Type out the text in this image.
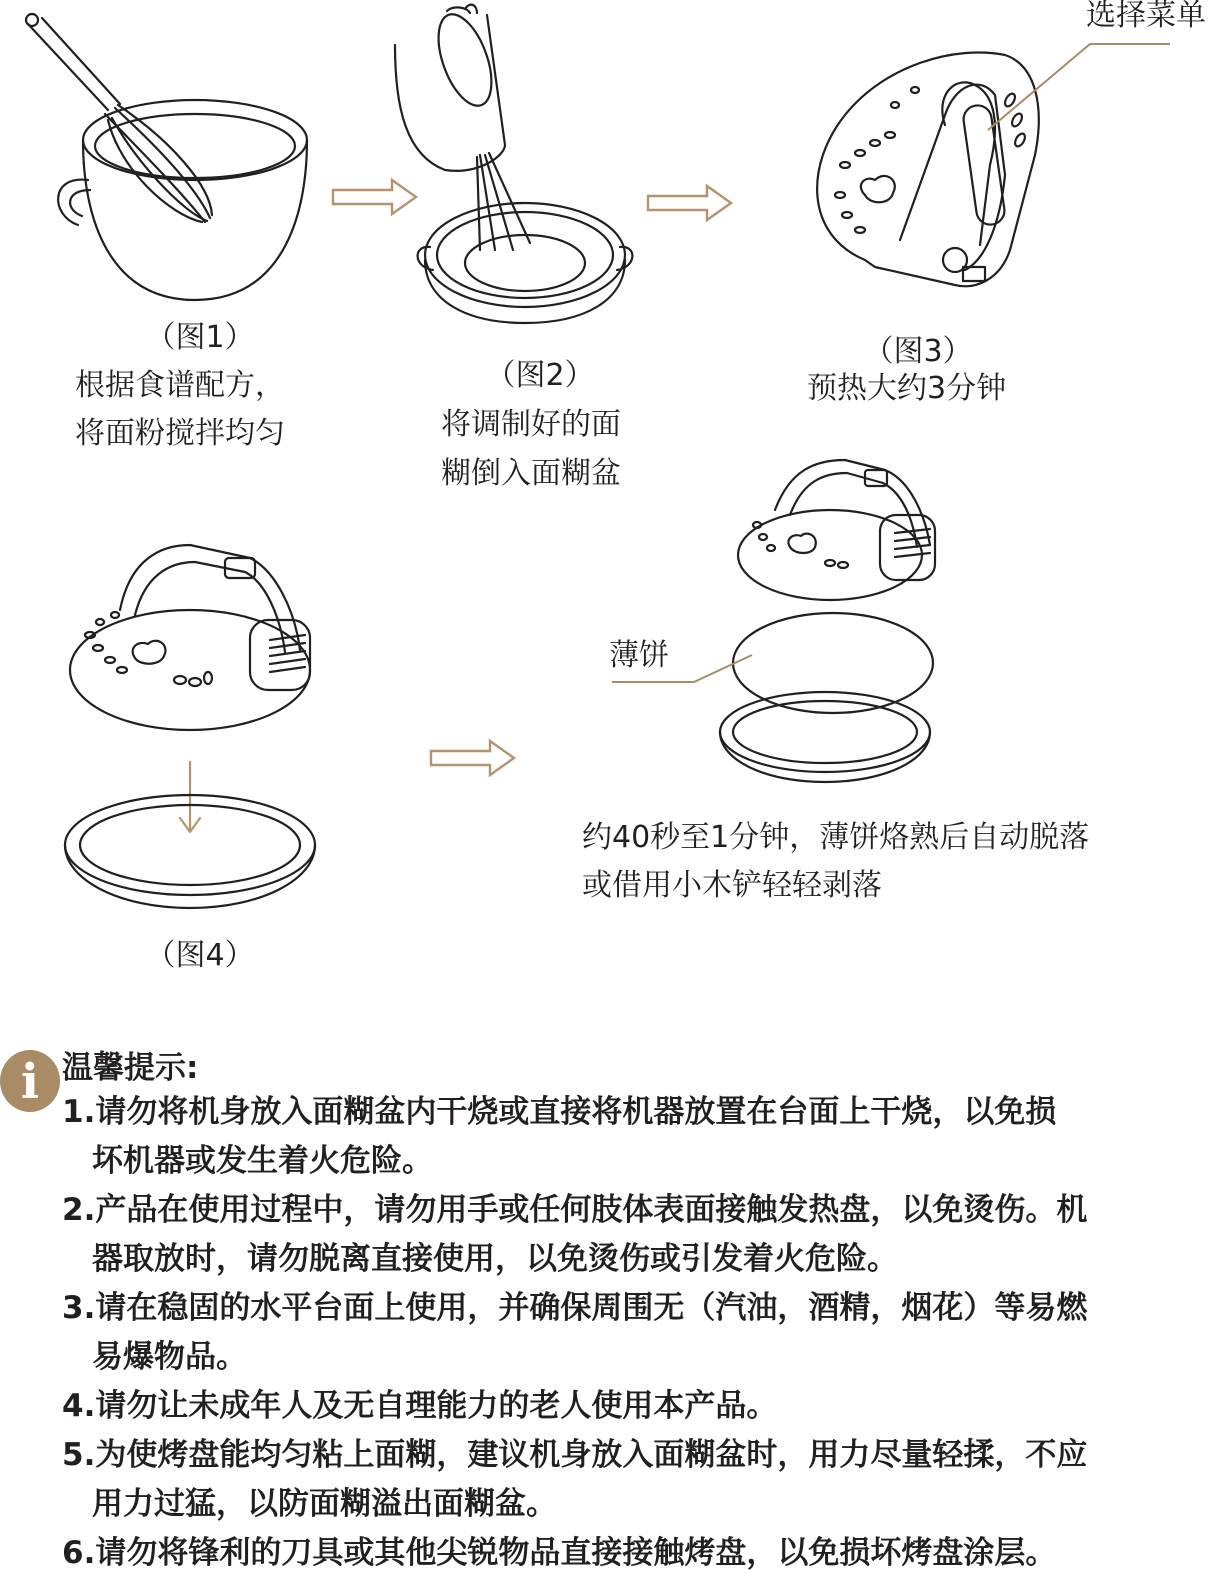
选择菜单
（图1）
根据食谱配方，
将面粉搅拌均匀
（图2）
将调制好的面
糊倒入面糊盆
（图3）
预热大约3分钟
（图4）
薄饼
约40秒至1分钟，薄饼烙熟后自动脱落
或借用小木铲轻轻剥落
i 温馨提示:
1.请勿将机身放入面糊盆内干烧或直接将机器放置在台面上干烧，以免损
坏机器或发生着火危险。
2.产品在使用过程中，请勿用手或任何肢体表面接触发热盘，以免烫伤。机
器取放时，请勿脱离直接使用，以免烫伤或引发着火危险。
3.请在稳固的水平台面上使用，并确保周围无（汽油，酒精，烟花）等易燃
易爆物品。
4.请勿让未成年人及无自理能力的老人使用本产品。
5.为使烤盘能均匀粘上面糊，建议机身放入面糊盆时，用力尽量轻揉，不应
用力过猛，以防面糊溢出面糊盆。
6.请勿将锋利的刀具或其他尖锐物品直接接触烤盘，以免损坏烤盘涂层。
